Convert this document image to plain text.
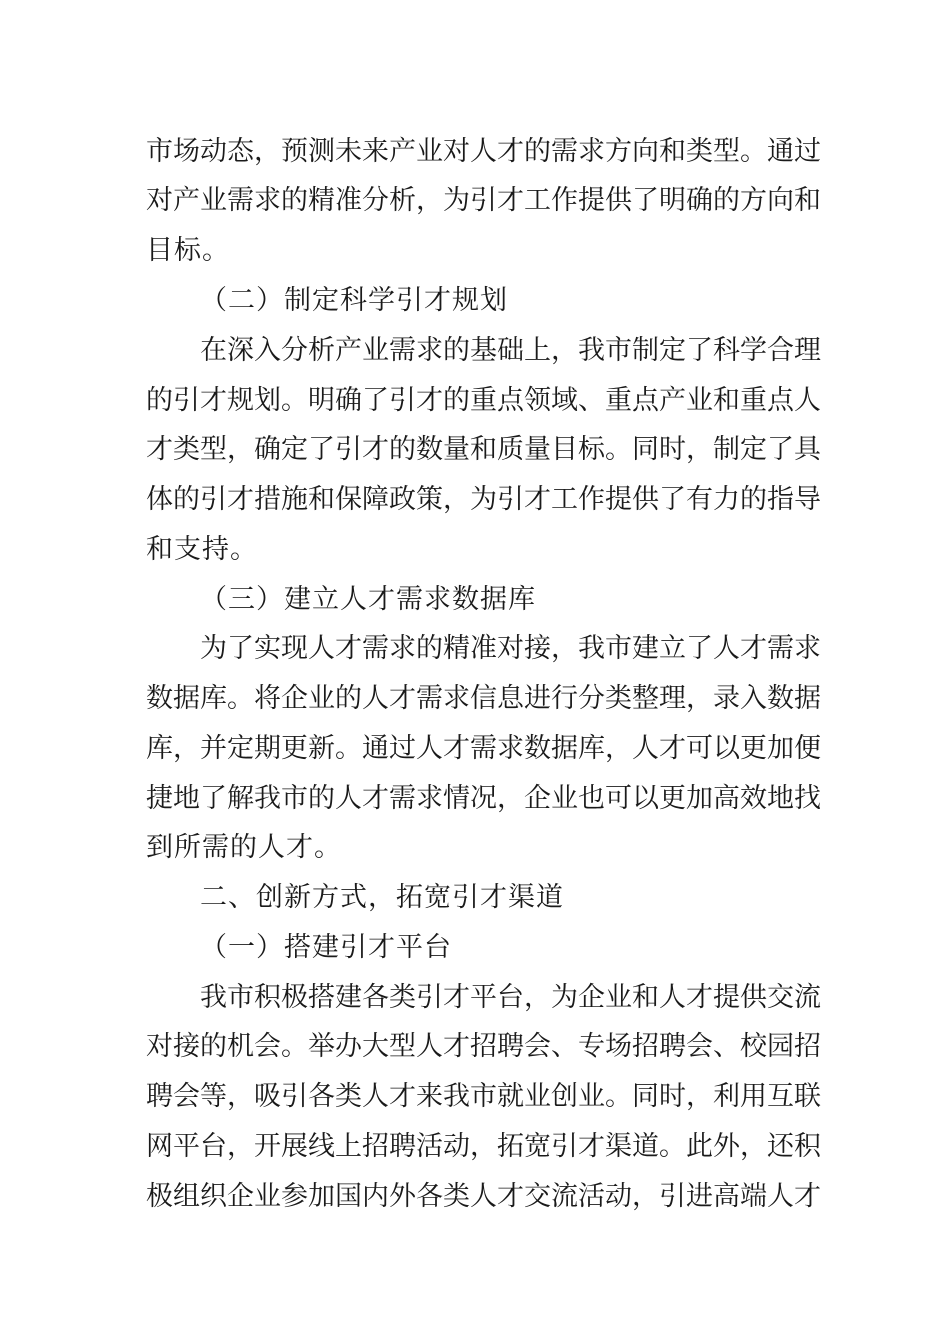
市场动态，预测未来产业对人才的需求方向和类型。通过
对产业需求的精准分析，为引才工作提供了明确的方向和
目标。
（二）制定科学引才规划
在深入分析产业需求的基础上，我市制定了科学合理
的引才规划。明确了引才的重点领域、重点产业和重点人
才类型，确定了引才的数量和质量目标。同时，制定了具
体的引才措施和保障政策，为引才工作提供了有力的指导
和支持。
（三）建立人才需求数据库
为了实现人才需求的精准对接，我市建立了人才需求
数据库。将企业的人才需求信息进行分类整理，录入数据
库，并定期更新。通过人才需求数据库，人才可以更加便
捷地了解我市的人才需求情况，企业也可以更加高效地找
到所需的人才。
二、创新方式，拓宽引才渠道
（一）搭建引才平台
我市积极搭建各类引才平台，为企业和人才提供交流
对接的机会。举办大型人才招聘会、专场招聘会、校园招
聘会等，吸引各类人才来我市就业创业。同时，利用互联
网平台，开展线上招聘活动，拓宽引才渠道。此外，还积
极组织企业参加国内外各类人才交流活动，引进高端人才
